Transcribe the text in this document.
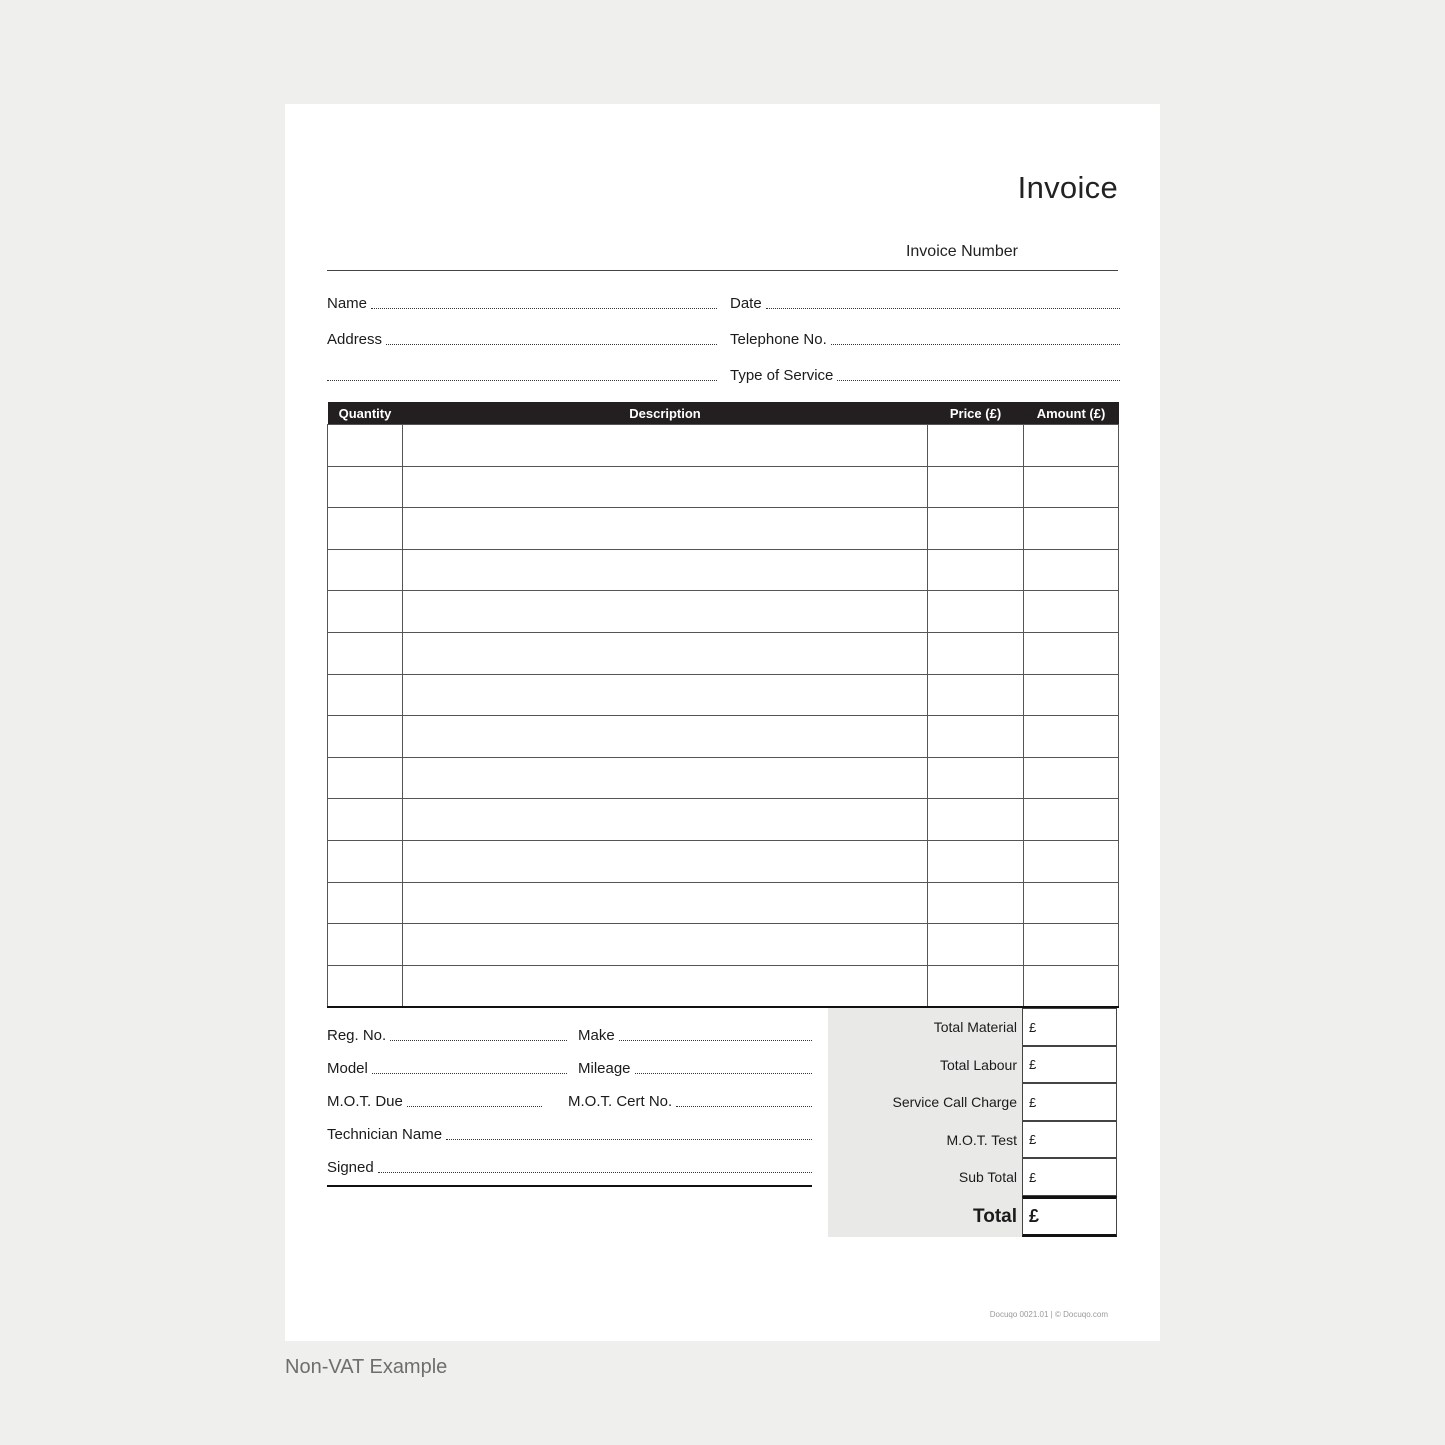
Invoice
Invoice Number
Name	Date
Address	Telephone No.
Type of Service
Quantity	Description	Price (£)	Amount (£)

Reg. No.	Make
Model	Mileage
M.O.T. Due	M.O.T. Cert No.
Technician Name
Signed
Total Material £
Total Labour £
Service Call Charge £
M.O.T. Test £
Sub Total £
Total £
Docuqo 0021.01 | © Docuqo.com
Non-VAT Example
